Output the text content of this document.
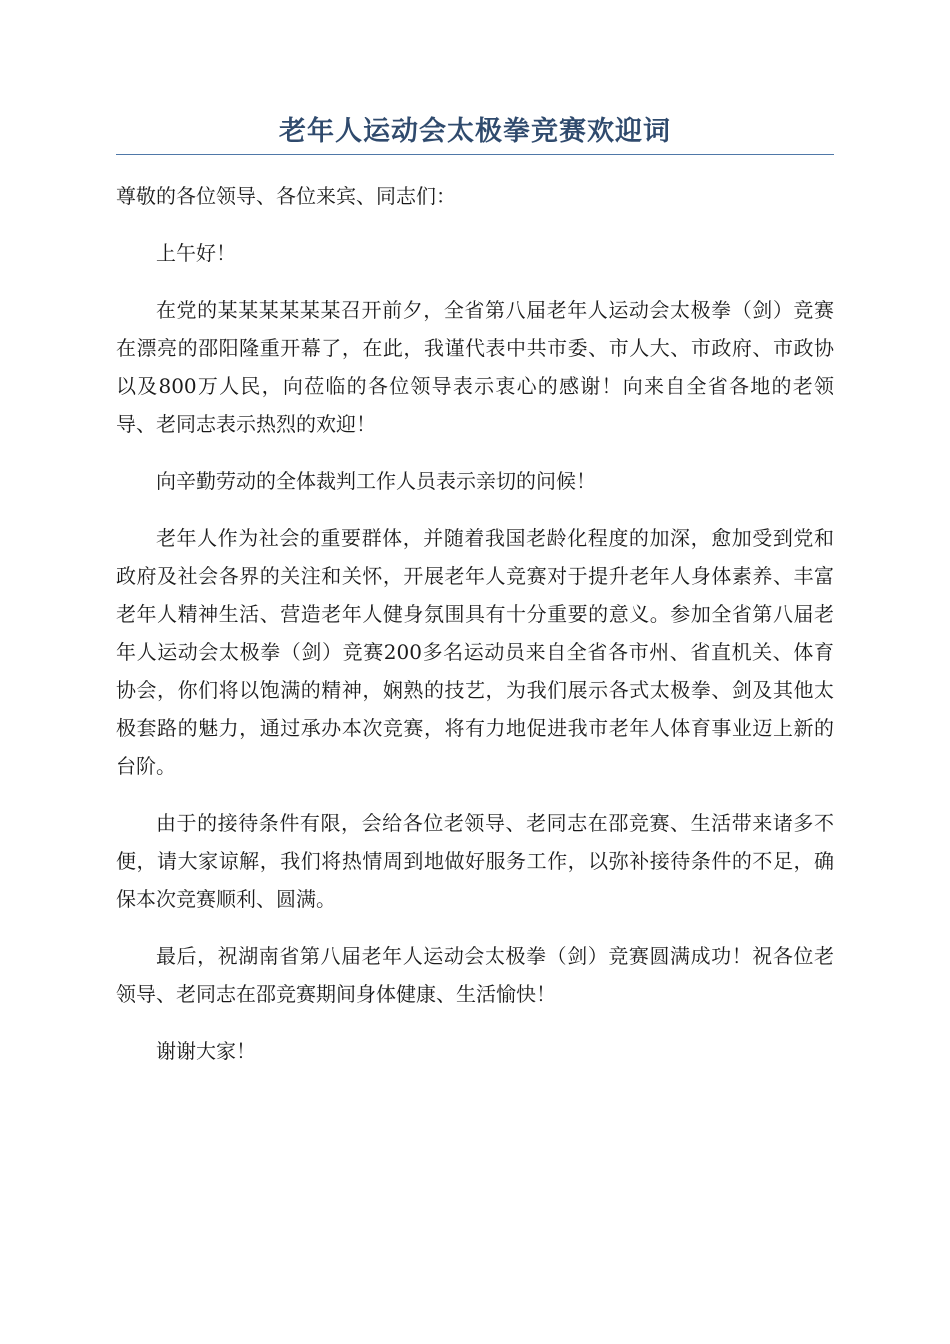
老年人运动会太极拳竞赛欢迎词

尊敬的各位领导、各位来宾、同志们：

上午好！

在党的某某某某某某召开前夕，全省第八届老年人运动会太极拳（剑）竞赛在漂亮的邵阳隆重开幕了，在此，我谨代表中共市委、市人大、市政府、市政协以及800万人民，向莅临的各位领导表示衷心的感谢！向来自全省各地的老领导、老同志表示热烈的欢迎！

向辛勤劳动的全体裁判工作人员表示亲切的问候！

老年人作为社会的重要群体，并随着我国老龄化程度的加深，愈加受到党和政府及社会各界的关注和关怀，开展老年人竞赛对于提升老年人身体素养、丰富老年人精神生活、营造老年人健身氛围具有十分重要的意义。参加全省第八届老年人运动会太极拳（剑）竞赛200多名运动员来自全省各市州、省直机关、体育协会，你们将以饱满的精神，娴熟的技艺，为我们展示各式太极拳、剑及其他太极套路的魅力，通过承办本次竞赛，将有力地促进我市老年人体育事业迈上新的台阶。

由于的接待条件有限，会给各位老领导、老同志在邵竞赛、生活带来诸多不便，请大家谅解，我们将热情周到地做好服务工作，以弥补接待条件的不足，确保本次竞赛顺利、圆满。

最后，祝湖南省第八届老年人运动会太极拳（剑）竞赛圆满成功！祝各位老领导、老同志在邵竞赛期间身体健康、生活愉快！

谢谢大家！
